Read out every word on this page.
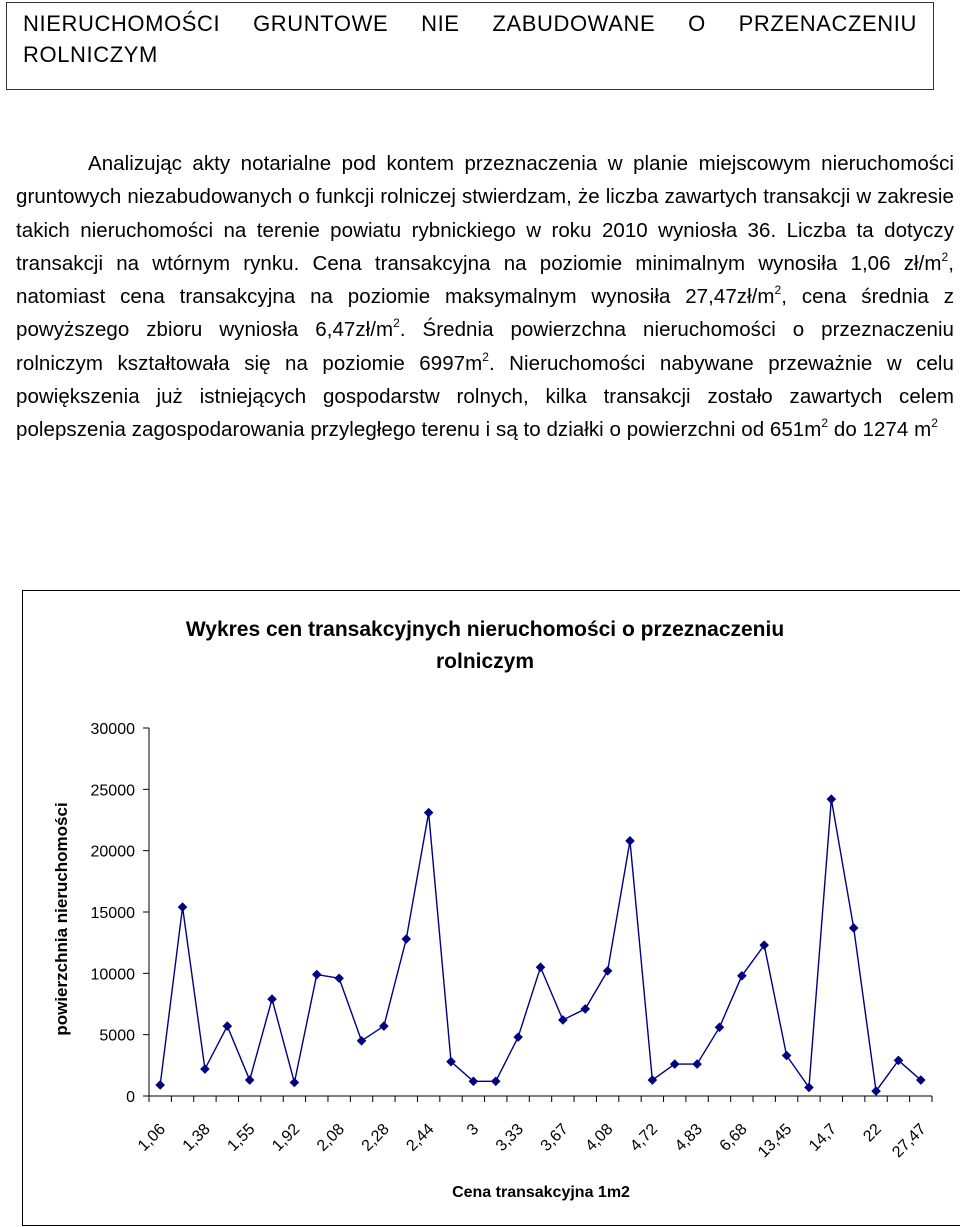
NIERUCHOMOŚCI GRUNTOWE NIE ZABUDOWANE O PRZENACZENIU
ROLNICZYM
Analizując akty notarialne pod kontem przeznaczenia w planie miejscowym nieruchomości gruntowych niezabudowanych o funkcji rolniczej stwierdzam, że liczba zawartych transakcji w zakresie takich nieruchomości na terenie powiatu rybnickiego w roku 2010 wyniosła 36. Liczba ta dotyczy transakcji na wtórnym rynku. Cena transakcyjna na poziomie minimalnym wynosiła 1,06 $zł/m^2$, natomiast cena transakcyjna na poziomie maksymalnym wynosiła $27,47zł/m^2$, cena średnia z powyższego zbioru wyniosła $6,47zł/m^2$. Średnia powierzchna nieruchomości o przeznaczeniu rolniczym kształtowała się na poziomie $6997m^2$. Nieruchomości nabywane przeważnie w celu powiększenia już istniejących gospodarstw rolnych, kilka transakcji zostało zawartych celem polepszenia zagospodarowania przyległego terenu i są to działki o powierzchni od $651m^2$ do 1274 $m^2$
Wykres cen transakcyjnych nieruchomości o przeznaczeniu
rolniczym
powierzchnia nieruchomości
Cena transakcyjna 1m2
0
5000
10000
15000
20000
25000
30000
1,06 1,38 1,55 1,92 2,08 2,28 2,44 3 3,33 3,67 4,08 4,72 4,83 6,68 13,45 14,7 22 27,47
